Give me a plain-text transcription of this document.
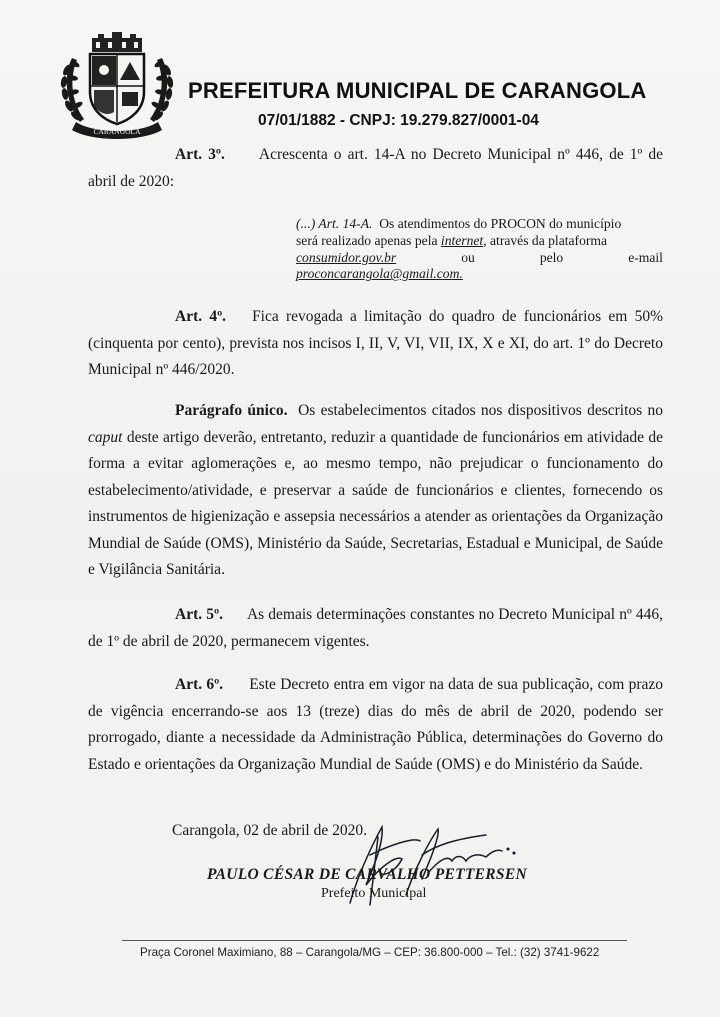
CARANGOLA
PREFEITURA MUNICIPAL DE CARANGOLA
07/01/1882 - CNPJ: 19.279.827/0001-04

Art. 3º. Acrescenta o art. 14-A no Decreto Municipal nº 446, de 1º de abril de 2020:

(...) Art. 14-A. Os atendimentos do PROCON do município
será realizado apenas pela internet, através da plataforma
consumidor.gov.br	ou	pelo	e-mail
proconcarangola@gmail.com.

Art. 4º. Fica revogada a limitação do quadro de funcionários em 50% (cinquenta por cento), prevista nos incisos I, II, V, VI, VII, IX, X e XI, do art. 1º do Decreto Municipal nº 446/2020.

Parágrafo único. Os estabelecimentos citados nos dispositivos descritos no caput deste artigo deverão, entretanto, reduzir a quantidade de funcionários em atividade de forma a evitar aglomerações e, ao mesmo tempo, não prejudicar o funcionamento do estabelecimento/atividade, e preservar a saúde de funcionários e clientes, fornecendo os instrumentos de higienização e assepsia necessários a atender as orientações da Organização Mundial de Saúde (OMS), Ministério da Saúde, Secretarias, Estadual e Municipal, de Saúde e Vigilância Sanitária.

Art. 5º. As demais determinações constantes no Decreto Municipal nº 446, de 1º de abril de 2020, permanecem vigentes.

Art. 6º. Este Decreto entra em vigor na data de sua publicação, com prazo de vigência encerrando-se aos 13 (treze) dias do mês de abril de 2020, podendo ser prorrogado, diante a necessidade da Administração Pública, determinações do Governo do Estado e orientações da Organização Mundial de Saúde (OMS) e do Ministério da Saúde.

Carangola, 02 de abril de 2020.
PAULO CÉSAR DE CARVALHO PETTERSEN
Prefeito Municipal
Praça Coronel Maximiano, 88 – Carangola/MG – CEP: 36.800-000 – Tel.: (32) 3741-9622
